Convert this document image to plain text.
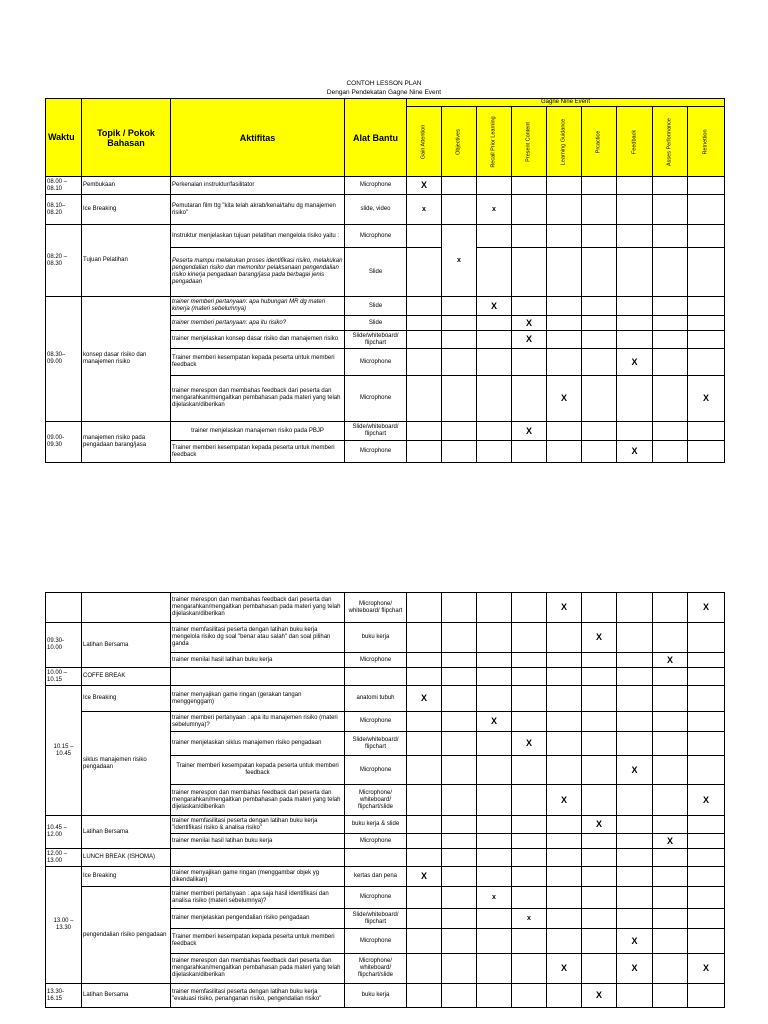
CONTOH LESSON PLAN
Dengan Pendekatan Gagne Nine Event
Waktu	Topik / Pokok Bahasan	Aktifitas	Alat Bantu	Gagne Nine Event								

				Gain Attention	Objectives	Recall Prior Learning	Present Content	Learning Guidance	Prcactice	Feedback	Asses Performance	Retnettion

08.00 – 08.10	Pembukaan	Perkenalan instruktur/fasilitator	Microphone	X								
08.10– 08.20	Ice Breaking	Pemutaran film ttg "kita telah akrab/kenal/tahu dg manajemen risiko"	slide, video	x		x						
08.20 – 08.30	Tujuan Pelatihan	Instruktur menjelaskan tujuan pelatihan mengelola risiko yaitu :	Microphone		x							
		Peserta mampu melakukan proses identifikasi risiko, melakukan pengendalian risiko dan memonitor pelaksanaan pengendalian risiko kinerja pengadaan barang/jasa pada berbagai jenis pengadaan	Slide									
08.30– 09.00	konsep dasar risiko dan manajemen risiko	trainer memberi pertanyaan: apa hubungan MR dg materi kinerja (materi sebelumnya)	Slide			X						
		trainer memberi pertanyaan: apa itu risiko?	Slide				X					
		trainer menjelaskan konsep dasar risiko dan manajemen risiko	Slide/whiteboard/ flipchart				X					
		Trainer memberi kesempatan kepada peserta untuk memberi feedback	Microphone							X		
		trainer merespon dan membahas feedback dari peserta dan mengarahkan/mengaitkan pembahasan pada materi yang telah dijelaskan/diberikan	Microphone					X				X
09.00- 09.30	manajemen risiko pada pengadaan barang/jasa	trainer menjelaskan manajemen risiko pada PBJP	Slide/whiteboard/ flipchart				X					
		Trainer memberi kesempatan kepada peserta untuk memberi feedback	Microphone							X		
		trainer merespon dan membahas feedback dari peserta dan mengarahkan/mengaitkan pembahasan pada materi yang telah dijelaskan/diberikan	Microphone/ whiteboard/ flipchart					X				X
09.30- 10.00	Latihan Bersama	trainer memfasilitasi peserta dengan latihan buku kerja mengelola risiko dg soal "benar atau salah" dan soal pilihan ganda	buku kerja						X			
		trainer menilai hasil latihan buku kerja	Microphone								X	
10.00 – 10.15	COFFE BREAK											
10.15 – 10.45	Ice Breaking	trainer menyajikan game ringan (gerakan tangan menggenggam)	anatomi tubuh	X								
	siklus manajemen risiko pengadaan	trainer memberi pertanyaan : apa itu manajemen risiko (materi sebelumnya)?	Microphone			X						
		trainer menjelaskan siklus manajemen risiko pengadaan	Slide/whiteboard/ flipchart				X					
		Trainer memberi kesempatan kepada peserta untuk memberi feedback	Microphone							X		
		trainer merespon dan membahas feedback dari peserta dan mengarahkan/mengaitkan pembahasan pada materi yang telah dijelaskan/diberikan	Microphone/ whiteboard/ flipchart/slide					X				X
10.45 – 12.00	Latihan Bersama	trainer memfasilitasi peserta dengan latihan buku kerja "identifikasi risiko & analisa risiko"	buku kerja & slide						X			
		trainer menilai hasil latihan buku kerja	Microphone								X	
12.00 – 13.00	LUNCH BREAK (ISHOMA)											
13.00 – 13.30	Ice Breaking	trainer menyajikan game ringan (menggambar objek yg dikendalikan)	kertas dan pena	X								
	pengendalian risiko pengadaan	trainer memberi pertanyaan : apa saja hasil identifikasi dan analisa risiko (materi sebelumnya)?	Microphone			x						
		trainer menjelaskan pengendalian risiko pengadaan	Slide/whiteboard/ flipchart				x					
		Trainer memberi kesempatan kepada peserta untuk memberi feedback	Microphone							X		
		trainer merespon dan membahas feedback dari peserta dan mengarahkan/mengaitkan pembahasan pada materi yang telah dijelaskan/diberikan	Microphone/ whiteboard/ flipchart/slide					X		X		X
13.30- 16.15	Latihan Bersama	trainer memfasilitasi peserta dengan latihan buku kerja "evaluasi risiko, penanganan risiko, pengendalian risiko"	buku kerja						X			
